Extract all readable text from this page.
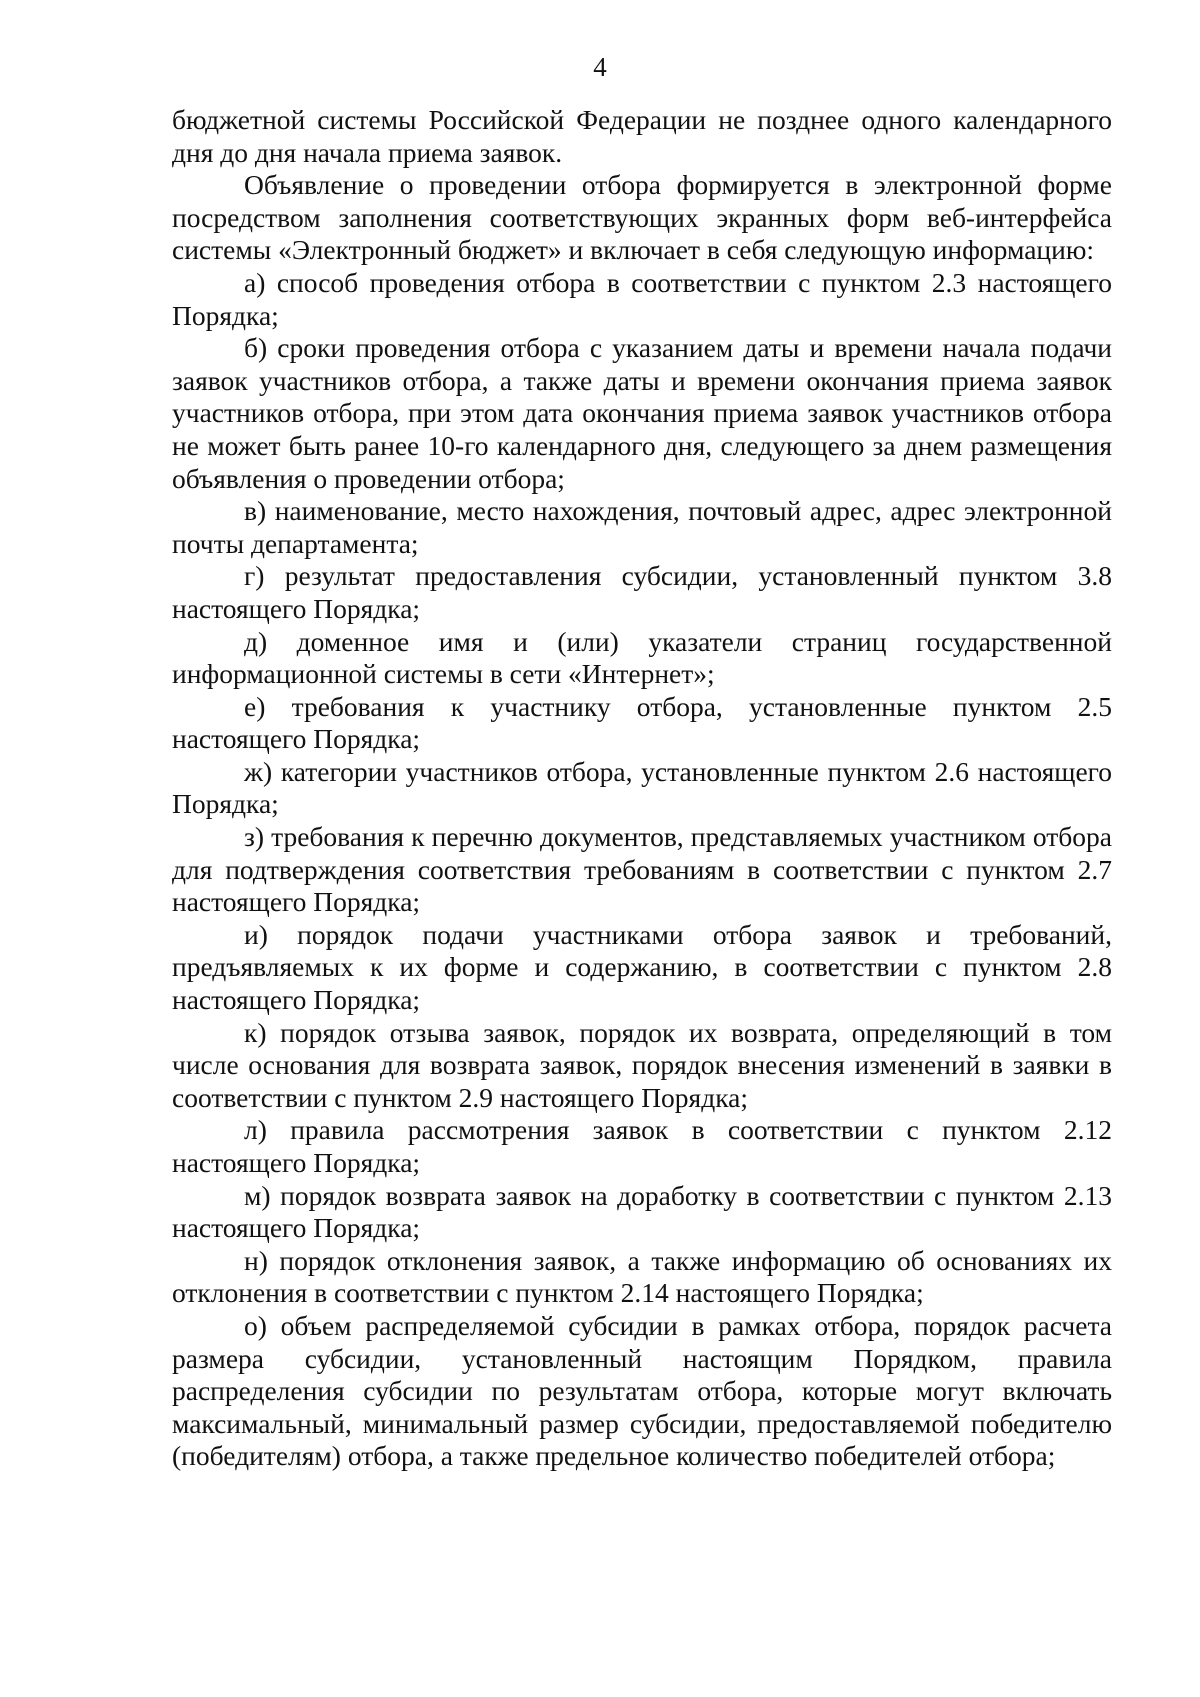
4

бюджетной системы Российской Федерации не позднее одного календарного дня до дня начала приема заявок.

Объявление о проведении отбора формируется в электронной форме посредством заполнения соответствующих экранных форм веб-интерфейса системы «Электронный бюджет» и включает в себя следующую информацию:

а) способ проведения отбора в соответствии с пунктом 2.3 настоящего Порядка;

б) сроки проведения отбора с указанием даты и времени начала подачи заявок участников отбора, а также даты и времени окончания приема заявок участников отбора, при этом дата окончания приема заявок участников отбора не может быть ранее 10-го календарного дня, следующего за днем размещения объявления о проведении отбора;

в) наименование, место нахождения, почтовый адрес, адрес электронной почты департамента;

г) результат предоставления субсидии, установленный пунктом 3.8 настоящего Порядка;

д) доменное имя и (или) указатели страниц государственной информационной системы в сети «Интернет»;

е) требования к участнику отбора, установленные пунктом 2.5 настоящего Порядка;

ж) категории участников отбора, установленные пунктом 2.6 настоящего Порядка;

з) требования к перечню документов, представляемых участником отбора для подтверждения соответствия требованиям в соответствии с пунктом 2.7 настоящего Порядка;

и) порядок подачи участниками отбора заявок и требований, предъявляемых к их форме и содержанию, в соответствии с пунктом 2.8 настоящего Порядка;

к) порядок отзыва заявок, порядок их возврата, определяющий в том числе основания для возврата заявок, порядок внесения изменений в заявки в соответствии с пунктом 2.9 настоящего Порядка;

л) правила рассмотрения заявок в соответствии с пунктом 2.12 настоящего Порядка;

м) порядок возврата заявок на доработку в соответствии с пунктом 2.13 настоящего Порядка;

н) порядок отклонения заявок, а также информацию об основаниях их отклонения в соответствии с пунктом 2.14 настоящего Порядка;

о) объем распределяемой субсидии в рамках отбора, порядок расчета размера субсидии, установленный настоящим Порядком, правила распределения субсидии по результатам отбора, которые могут включать максимальный, минимальный размер субсидии, предоставляемой победителю (победителям) отбора, а также предельное количество победителей отбора;
